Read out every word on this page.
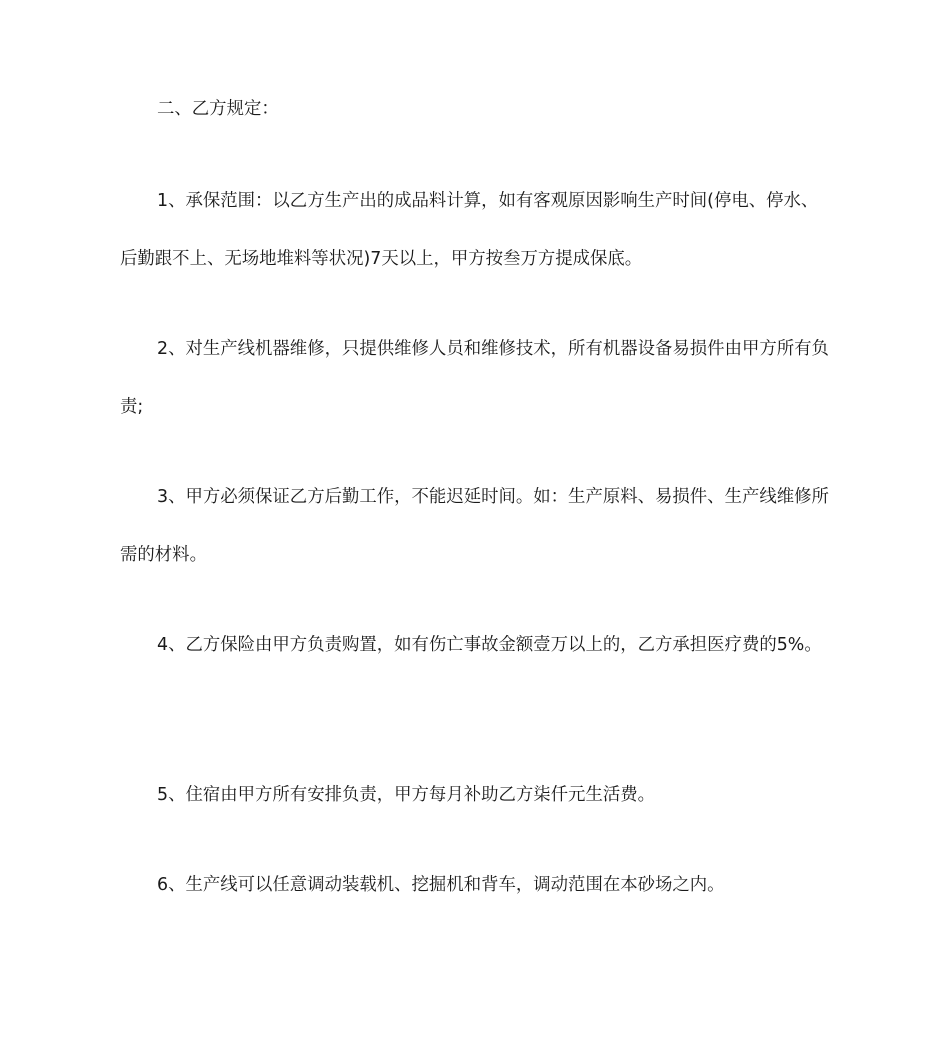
二、乙方规定：

1、承保范围：以乙方生产出的成品料计算，如有客观原因影响生产时间(停电、停水、后勤跟不上、无场地堆料等状况)7天以上，甲方按叁万方提成保底。

2、对生产线机器维修，只提供维修人员和维修技术，所有机器设备易损件由甲方所有负责;

3、甲方必须保证乙方后勤工作，不能迟延时间。如：生产原料、易损件、生产线维修所需的材料。

4、乙方保险由甲方负责购置，如有伤亡事故金额壹万以上的，乙方承担医疗费的5%。

5、住宿由甲方所有安排负责，甲方每月补助乙方柒仟元生活费。

6、生产线可以任意调动装载机、挖掘机和背车，调动范围在本砂场之内。
